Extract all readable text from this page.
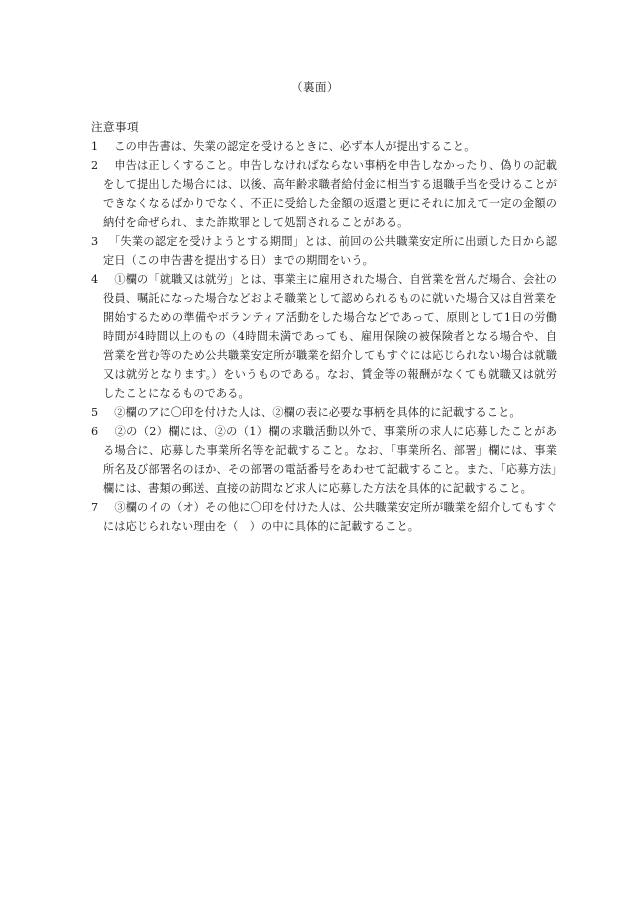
（裏面）
注意事項
1 　この申告書は、失業の認定を受けるときに、必ず本人が提出すること。
2 　申告は正しくすること。申告しなければならない事柄を申告しなかったり、偽りの記載をして提出した場合には、以後、高年齢求職者給付金に相当する退職手当を受けることができなくなるばかりでなく、不正に受給した金額の返還と更にそれに加えて一定の金額の納付を命ぜられ、また詐欺罪として処罰されることがある。
3 　「失業の認定を受けようとする期間」とは、前回の公共職業安定所に出頭した日から認定日（この申告書を提出する日）までの期間をいう。
4 　①欄の「就職又は就労」とは、事業主に雇用された場合、自営業を営んだ場合、会社の役員、嘱託になった場合などおよそ職業として認められるものに就いた場合又は自営業を開始するための準備やボランティア活動をした場合などであって、原則として1日の労働時間が4時間以上のもの（4時間未満であっても、雇用保険の被保険者となる場合や、自営業を営む等のため公共職業安定所が職業を紹介してもすぐには応じられない場合は就職又は就労となります。）をいうものである。なお、賃金等の報酬がなくても就職又は就労したことになるものである。
5 　②欄のアに〇印を付けた人は、②欄の表に必要な事柄を具体的に記載すること。
6 　②の（2）欄には、②の（1）欄の求職活動以外で、事業所の求人に応募したことがある場合に、応募した事業所名等を記載すること。なお、「事業所名、部署」欄には、事業所名及び部署名のほか、その部署の電話番号をあわせて記載すること。また、「応募方法」欄には、書類の郵送、直接の訪問など求人に応募した方法を具体的に記載すること。
7 　③欄のイの（オ）その他に〇印を付けた人は、公共職業安定所が職業を紹介してもすぐには応じられない理由を（　）の中に具体的に記載すること。
